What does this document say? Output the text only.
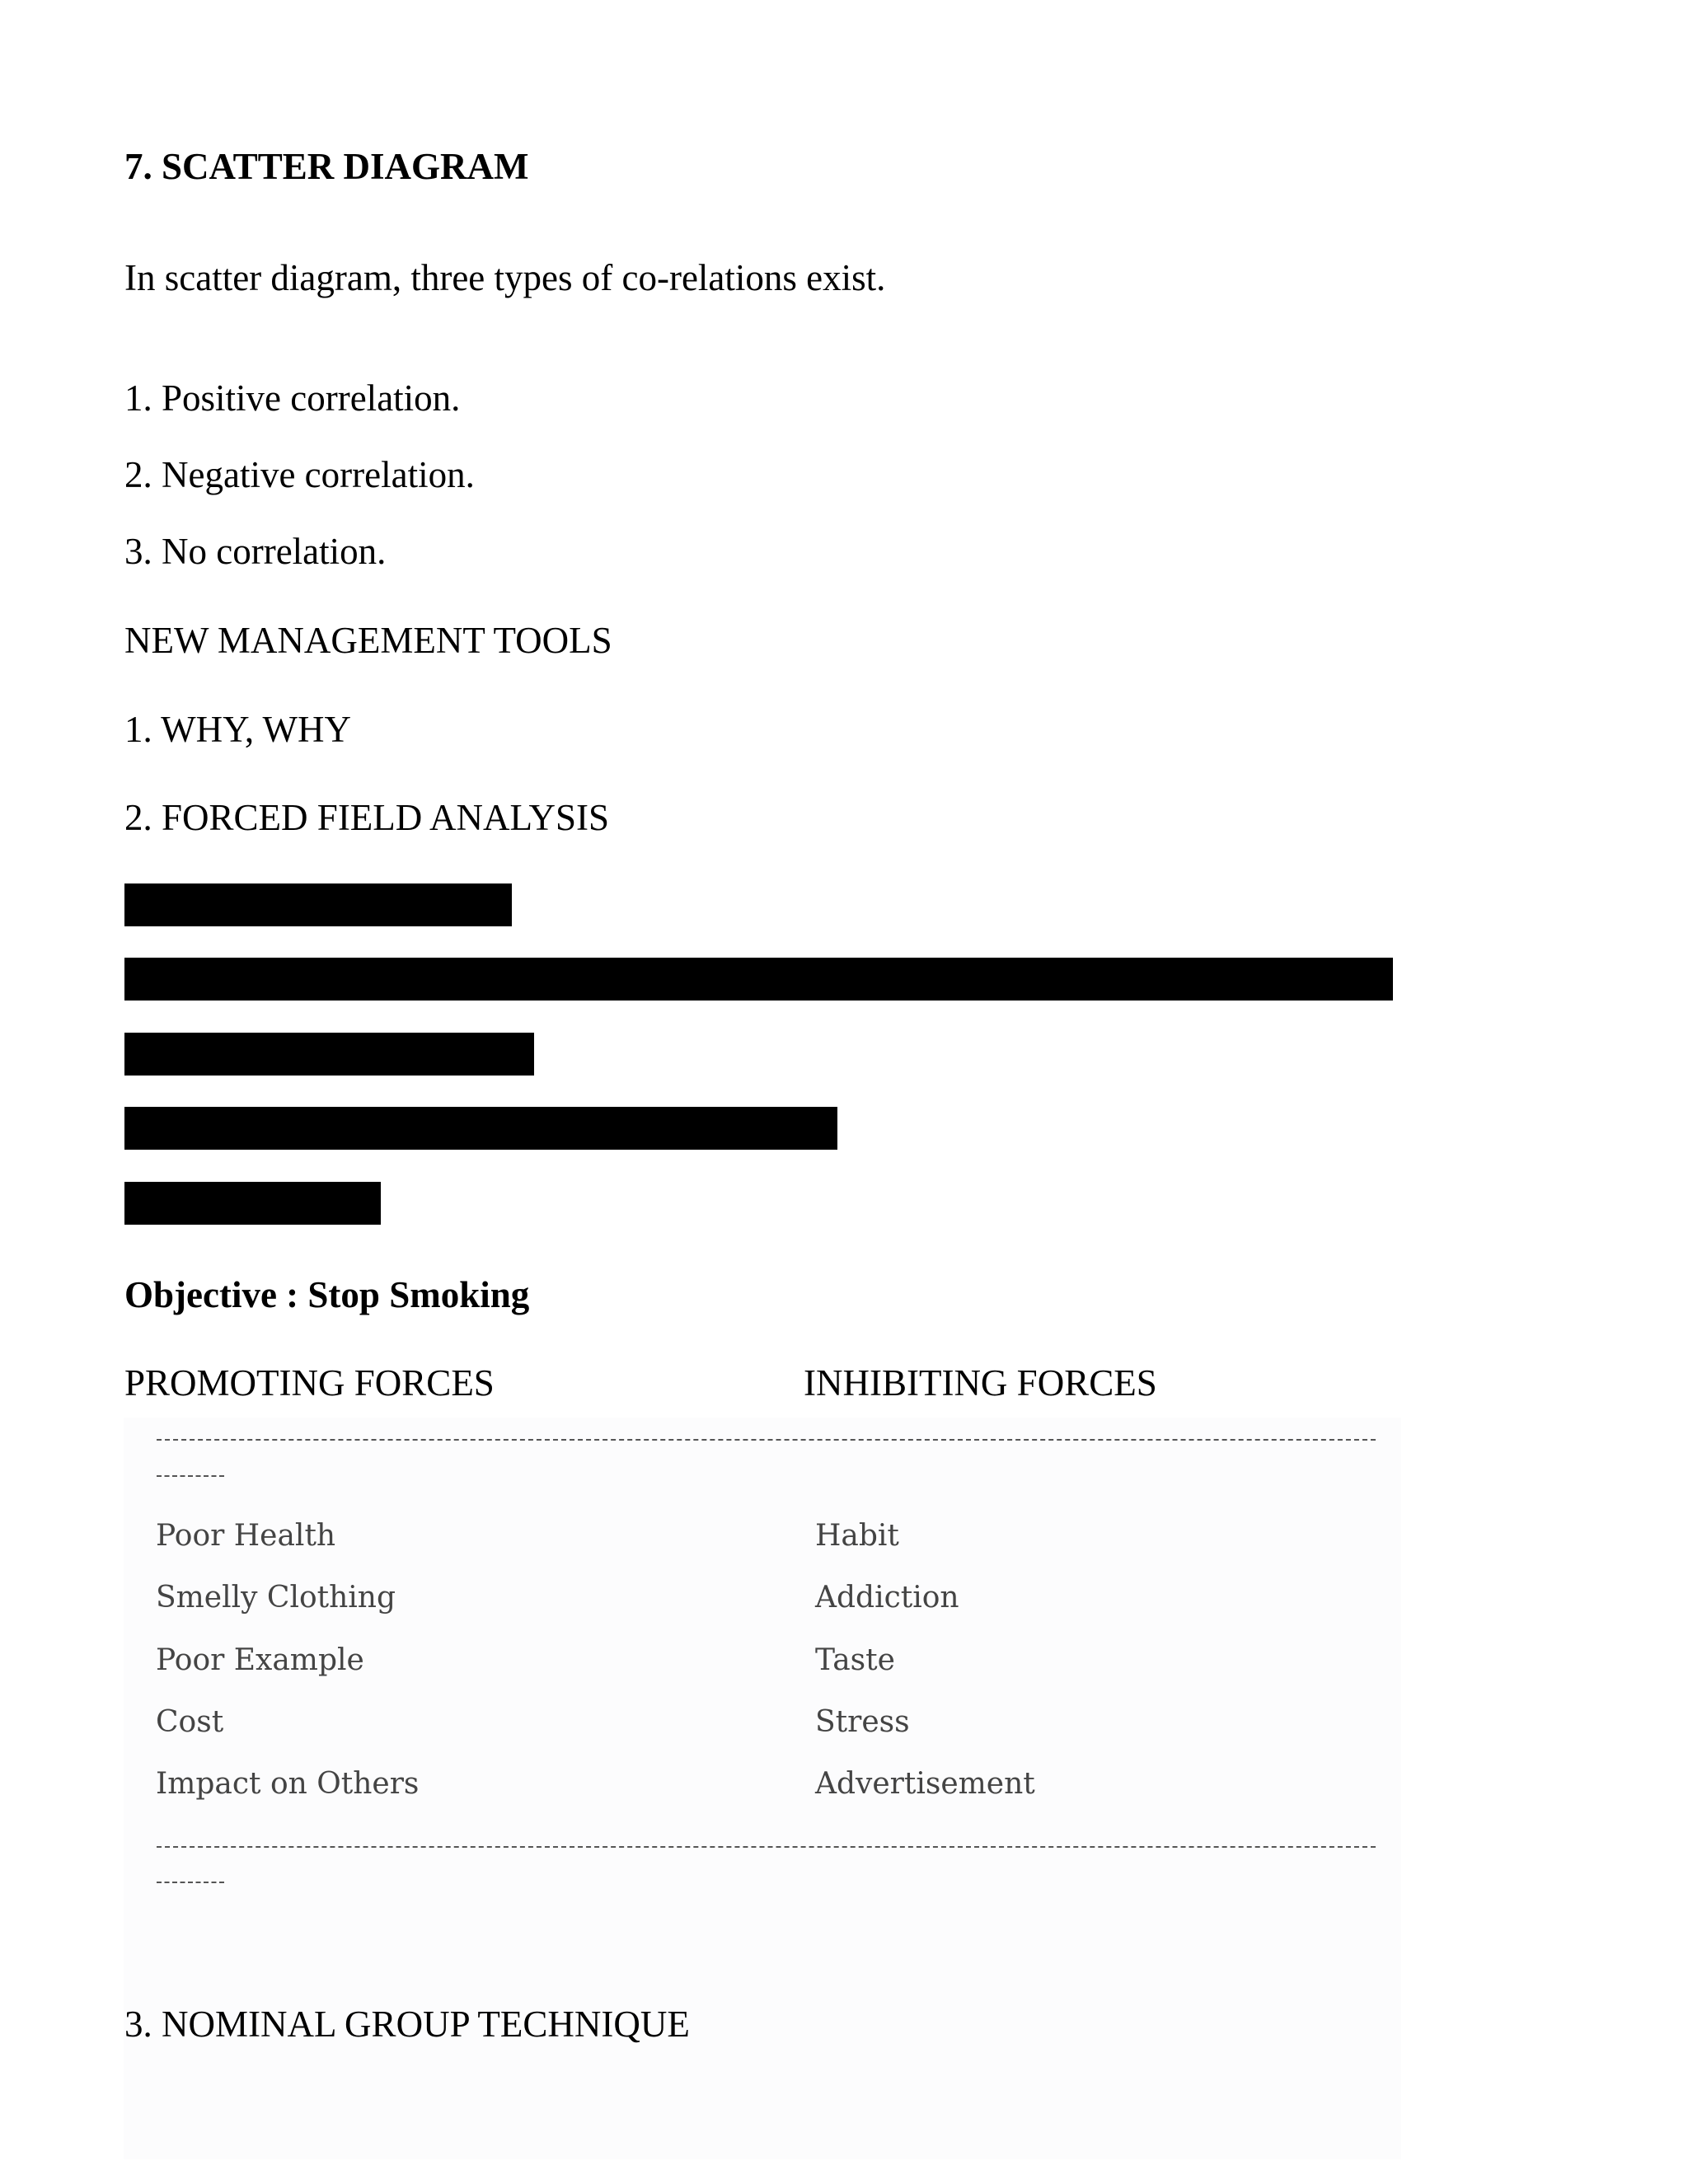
7. SCATTER DIAGRAM
In scatter diagram, three types of co-relations exist.
1. Positive correlation.
2. Negative correlation.
3. No correlation.
NEW MANAGEMENT TOOLS
1. WHY, WHY
2. FORCED FIELD ANALYSIS
Objective : Stop Smoking
PROMOTING FORCES	INHIBITING FORCES
Poor Health
Smelly Clothing
Poor Example
Cost
Impact on Others
Habit
Addiction
Taste
Stress
Advertisement
3. NOMINAL GROUP TECHNIQUE
